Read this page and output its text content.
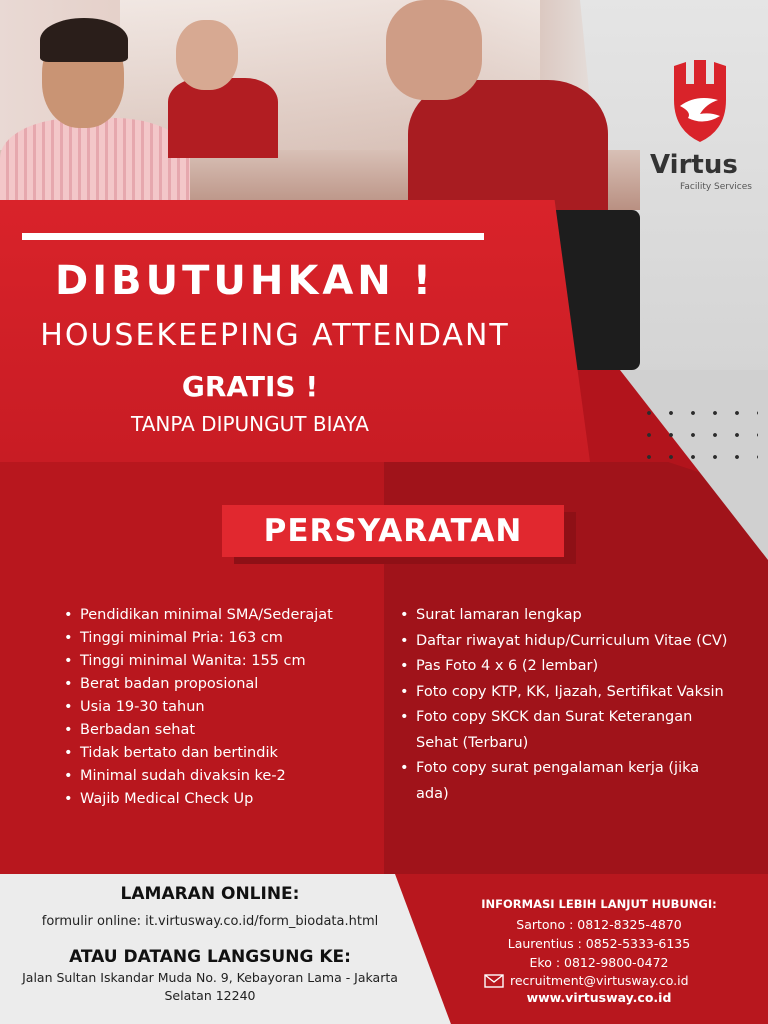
Virtus
Facility Services
DIBUTUHKAN !
HOUSEKEEPING ATTENDANT
GRATIS !
TANPA DIPUNGUT BIAYA
PERSYARATAN
• Pendidikan minimal SMA/Sederajat
• Tinggi minimal Pria: 163 cm
• Tinggi minimal Wanita: 155 cm
• Berat badan proposional
• Usia 19-30 tahun
• Berbadan sehat
• Tidak bertato dan bertindik
• Minimal sudah divaksin ke-2
• Wajib Medical Check Up
• Surat lamaran lengkap
• Daftar riwayat hidup/Curriculum Vitae (CV)
• Pas Foto 4 x 6 (2 lembar)
• Foto copy KTP, KK, Ijazah, Sertifikat Vaksin
• Foto copy SKCK dan Surat Keterangan Sehat (Terbaru)
• Foto copy surat pengalaman kerja (jika ada)
LAMARAN ONLINE:
formulir online: it.virtusway.co.id/form_biodata.html
ATAU DATANG LANGSUNG KE:
Jalan Sultan Iskandar Muda No. 9, Kebayoran Lama - Jakarta Selatan 12240
INFORMASI LEBIH LANJUT HUBUNGI:
Sartono : 0812-8325-4870
Laurentius : 0852-5333-6135
Eko : 0812-9800-0472
recruitment@virtusway.co.id
www.virtusway.co.id
